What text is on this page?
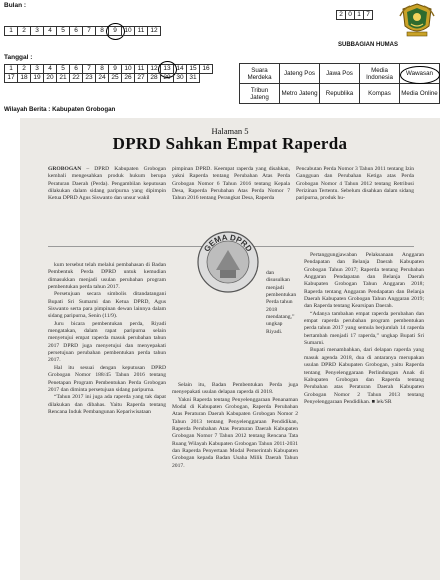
Bulan :
1	2	3	4	5	6	7	8	9	10 11 12
Tanggal :
1	2	3	4	5	6	7	8	9	10 11 12 13 14 15 16
17 18 19 20 21 22 23 24 25 26 27 28 29 30 31
2 0 1 7
SUBBAGIAN HUMAS
Suara Merdeka	Jateng Pos	Jawa Pos	Media Indonesia	Wawasan
Tribun Jateng	Metro Jateng	Republika	Kompas	Media Online
Wilayah Berita : Kabupaten Grobogan
Halaman 5
DPRD Sahkan Empat Raperda
GROBOGAN – DPRD Kabupaten Grobogan kembali mengesahkan produk hukum berupa Peraturan Daerah (Perda). Pengambilan keputusan dilakukan dalam sidang paripurna yang dipimpin Ketua DPRD Agus Siswanto dan unsur wakil
pimpinan DPRD. Keempat raperda yang disahkan, yakni Raperda tentang Perubahan Atas Perda Grobogan Nomor 6 Tahun 2016 tentang Kepala Desa, Raperda Perubahan Atas Perda Nomor 7 Tahun 2016 tentang Perangkat Desa, Raperda
Pencabutan Perda Nomor 3 Tahun 2011 tentang Izin Gangguan dan Perubahan Ketiga atas Perda Grobogan Nomor 4 Tahun 2012 tentang Retribusi Perizinan Tertentu. Sebelum disahkan dalam sidang paripurna, produk hu-

kum tersebut telah melalui pembahasan di Badan Pembentuk Perda DPRD untuk kemudian dimasukkan menjadi usulan perubahan program pembentukan perda tahun 2017.

Persetujuan secara simbolis ditandatangani Bupati Sri Sumarni dan Ketua DPRD, Agus Siswanto serta para pimpinan dewan lainnya dalam sidang paripurna, Senin (11/9).

Juru bicara pembentukan perda, Riyadi mengatakan, dalam rapat paripurna selain menyetujui empat raperda masuk perubahan tahun 2017 DPRD juga menyetujui dan menyepakati persetujuan perubahan pembentukan perda tahun 2017.

Hal itu sesuai dengan keputusan DPRD Grobogan Nomor 188/45 Tahun 2016 tentang Penetapan Program Pembentukan Perda Grobogan 2017 dan diminta persetujuan sidang paripurna.

“Tahun 2017 ini juga ada raperda yang tak dapat dilakukan dan dibahas. Yaitu Raperda tentang Rencana Induk Pembangunan Kepariwisataan

dan disusulkan menjadi pembentukan Perda tahun 2018 mendatang,” ungkap Riyadi.

Selain itu, Badan Pembentukan Perda juga menyepakati usulan delapan raperda di 2018.

Yakni Raperda tentang Penyelenggaraan Penanaman Modal di Kabupaten Grobogan, Raperda Perubahan Atas Peraturan Daerah Kabupaten Grobogan Nomor 2 Tahun 2013 tentang Penyelenggaraan Pendidikan, Raperda Perubahan Atas Peraturan Daerah Kabupaten Grobogan Nomor 7 Tahun 2012 tentang Rencana Tata Ruang Wilayah Kabupaten Grobogan Tahun 2011-2031 dan Raperda Penyertaan Modal Pemerintah Kabupaten Grobogan kepada Badan Usaha Milik Daerah Tahun 2017.

Pertanggungjawaban Pelaksanaan Anggaran Pendapatan dan Belanja Daerah Kabupaten Grobogan Tahun 2017; Raperda tentang Perubahan Anggaran Pendapatan dan Belanja Daerah Kabupaten Grobogan Tahun Anggaran 2018; Raperda tentang Anggaran Pendapatan dan Belanja Daerah Kabupaten Grobogan Tahun Anggaran 2019; dan Raperda tentang Kearsipan Daerah.

“Adanya tambahan empat raperda perubahan dan empat raperda perubahan program pembentukan perda tahun 2017 yang semula berjumlah 14 raperda bertambah menjadi 17 raperda,” ungkap Bupati Sri Sumarni.

Bupati menambahkan, dari delapan raperda yang masuk agenda 2018, dua di antaranya merupakan usulan DPRD Kabupaten Grobogan, yaitu Raperda tentang Penyelenggaraan Perlindungan Anak di Kabupaten Grobogan dan Raperda tentang Perubahan atas Peraturan Daerah Kabupaten Grobogan Nomor 2 Tahun 2013 tentang Penyelenggaraan Pendidikan. ■ lek/SR

GEMA DPRD
